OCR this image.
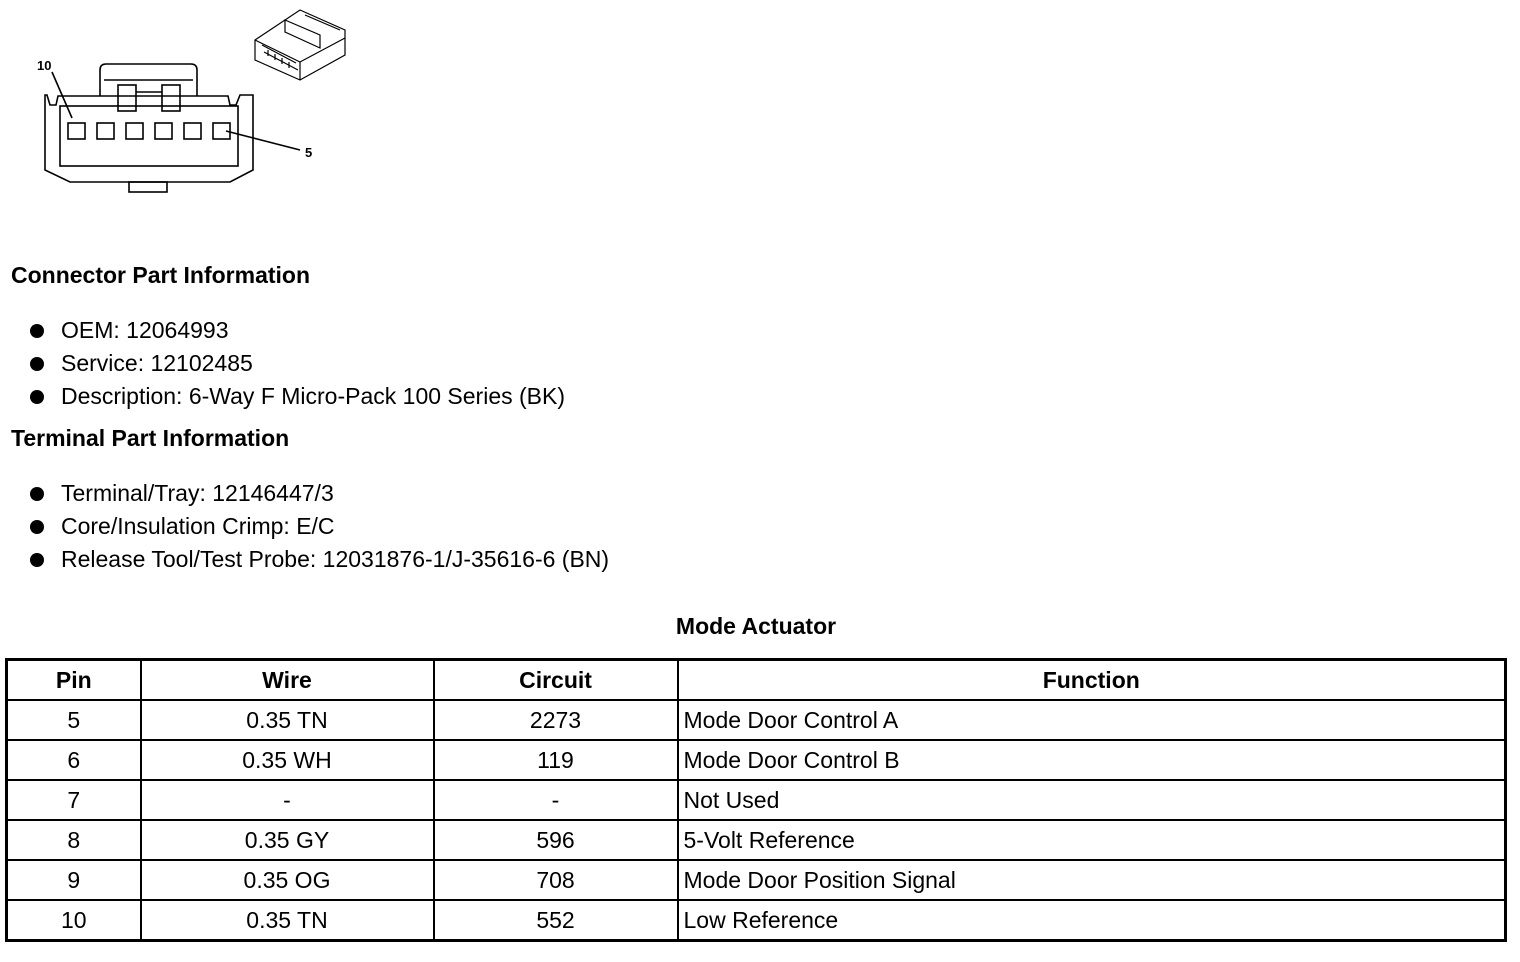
10
5
Connector Part Information
OEM: 12064993
Service: 12102485
Description: 6-Way F Micro-Pack 100 Series (BK)
Terminal Part Information
Terminal/Tray: 12146447/3
Core/Insulation Crimp: E/C
Release Tool/Test Probe: 12031876-1/J-35616-6 (BN)
Mode Actuator
Pin	Wire	Circuit	Function
5	0.35 TN	2273	Mode Door Control A
6	0.35 WH	119	Mode Door Control B
7	-	-	Not Used
8	0.35 GY	596	5-Volt Reference
9	0.35 OG	708	Mode Door Position Signal
10	0.35 TN	552	Low Reference
